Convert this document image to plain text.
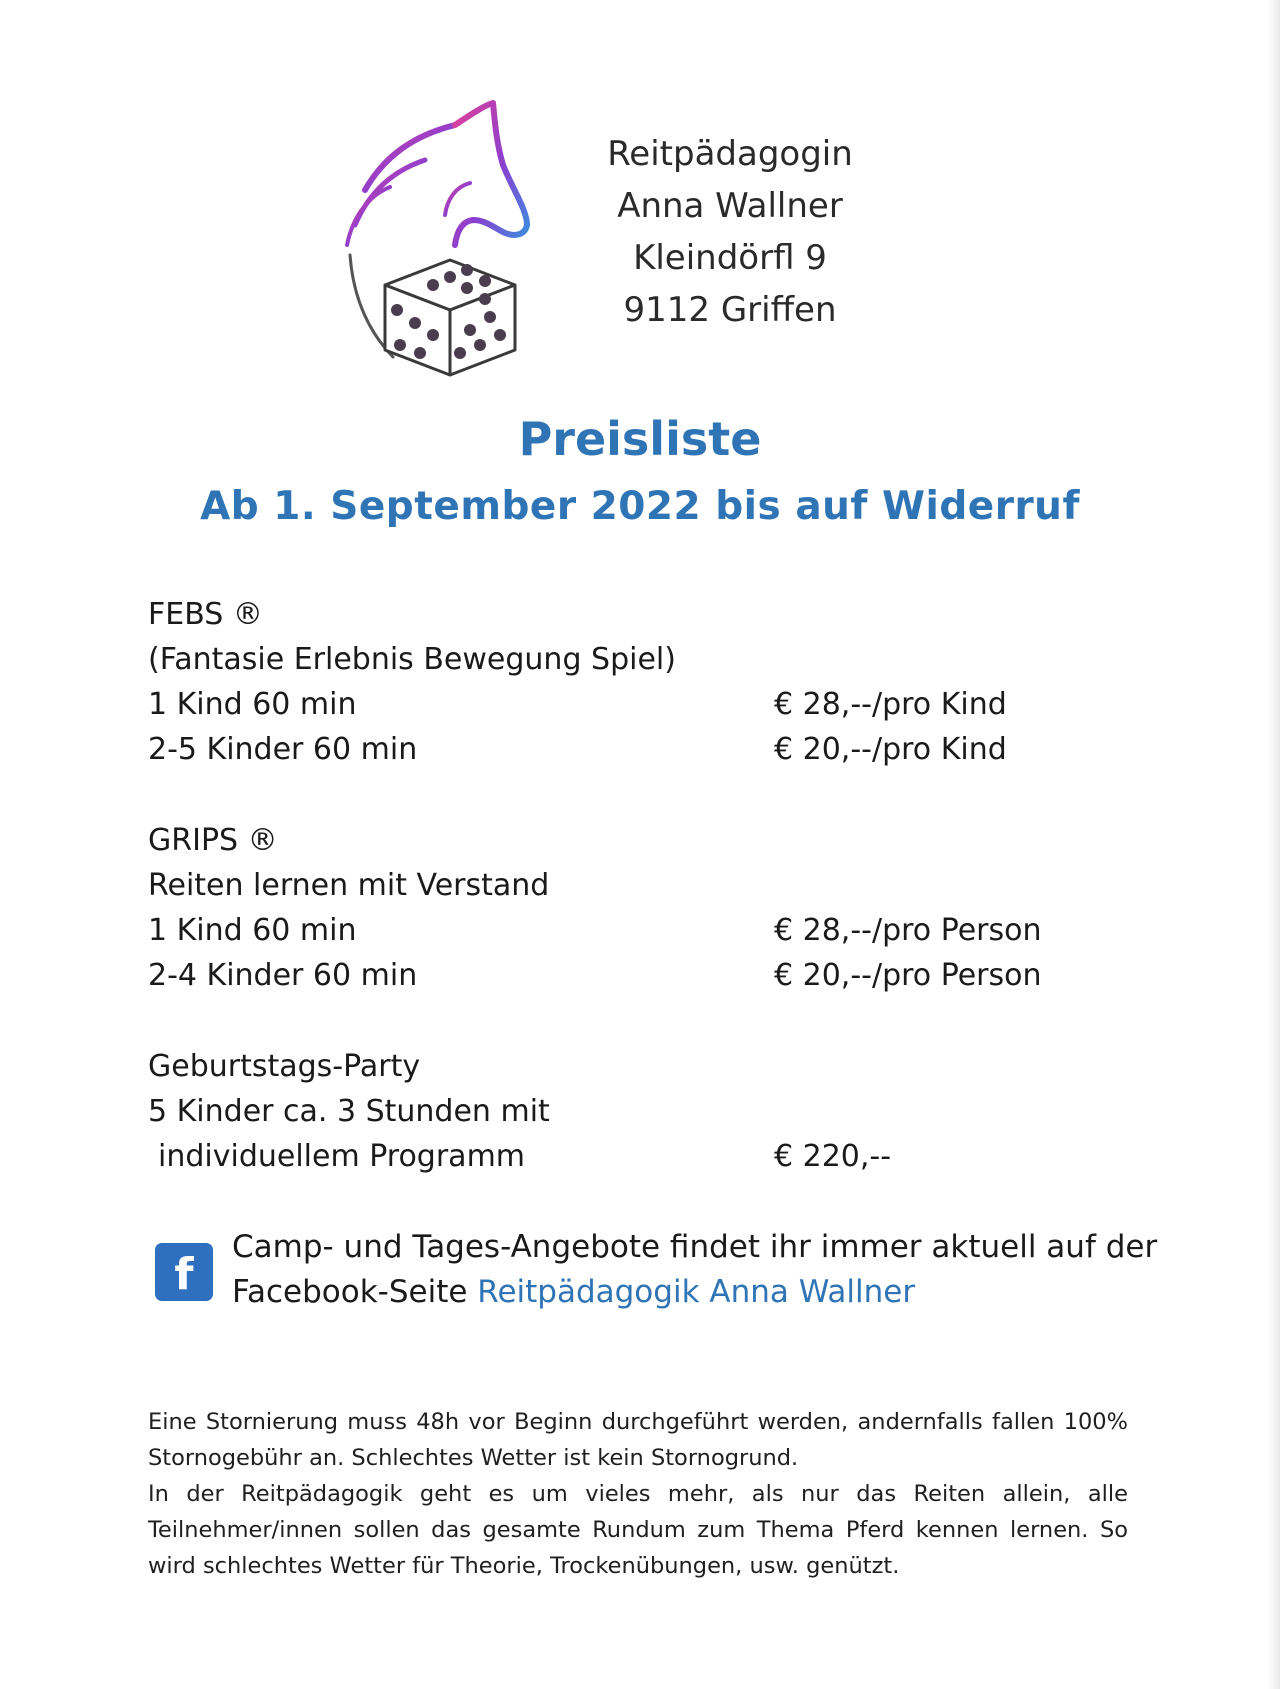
Reitpädagogin
Anna Wallner
Kleindörfl 9
9112 Griffen
Preisliste
Ab 1. September 2022 bis auf Widerruf
FEBS ®
(Fantasie Erlebnis Bewegung Spiel)
1 Kind 60 min	€ 28,--/pro Kind
2-5 Kinder 60 min	€ 20,--/pro Kind
GRIPS ®
Reiten lernen mit Verstand
1 Kind 60 min	€ 28,--/pro Person
2-4 Kinder 60 min	€ 20,--/pro Person
Geburtstags-Party
5 Kinder ca. 3 Stunden mit
individuellem Programm	€ 220,--
f
Camp- und Tages-Angebote findet ihr immer aktuell auf der
Facebook-Seite Reitpädagogik Anna Wallner

Eine Stornierung muss 48h vor Beginn durchgeführt werden, andernfalls fallen 100% Stornogebühr an. Schlechtes Wetter ist kein Stornogrund.

In der Reitpädagogik geht es um vieles mehr, als nur das Reiten allein, alle Teilnehmer/innen sollen das gesamte Rundum zum Thema Pferd kennen lernen. So wird schlechtes Wetter für Theorie, Trockenübungen, usw. genützt.
